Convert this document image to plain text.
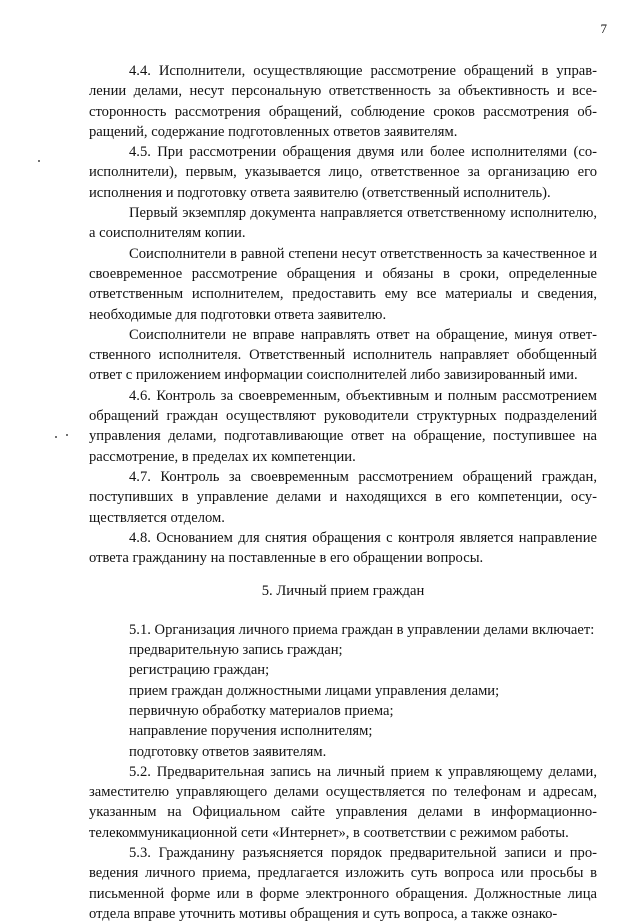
7

4.4. Исполнители, осуществляющие рассмотрение обращений в управлении делами, несут персональную ответственность за объективность и всесторонность рассмотрения обращений, соблюдение сроков рассмотрения обращений, содержание подготовленных ответов заявителям.

4.5. При рассмотрении обращения двумя или более исполнителями (соисполнители), первым, указывается лицо, ответственное за организацию его исполнения и подготовку ответа заявителю (ответственный исполнитель).

Первый экземпляр документа направляется ответственному исполнителю, а соисполнителям копии.

Соисполнители в равной степени несут ответственность за качественное и своевременное рассмотрение обращения и обязаны в сроки, определенные ответственным исполнителем, предоставить ему все материалы и сведения, необходимые для подготовки ответа заявителю.

Соисполнители не вправе направлять ответ на обращение, минуя ответственного исполнителя. Ответственный исполнитель направляет обобщенный ответ с приложением информации соисполнителей либо завизированный ими.

4.6. Контроль за своевременным, объективным и полным рассмотрением обращений граждан осуществляют руководители структурных подразделений управления делами, подготавливающие ответ на обращение, поступившее на рассмотрение, в пределах их компетенции.

4.7. Контроль за своевременным рассмотрением обращений граждан, поступивших в управление делами и находящихся в его компетенции, осуществляется отделом.

4.8. Основанием для снятия обращения с контроля является направление ответа гражданину на поставленные в его обращении вопросы.

5. Личный прием граждан

5.1. Организация личного приема граждан в управлении делами включает:

предварительную запись граждан;

регистрацию граждан;

прием граждан должностными лицами управления делами;

первичную обработку материалов приема;

направление поручения исполнителям;

подготовку ответов заявителям.

5.2. Предварительная запись на личный прием к управляющему делами, заместителю управляющего делами осуществляется по телефонам и адресам, указанным на Официальном сайте управления делами в информационно-телекоммуникационной сети «Интернет», в соответствии с режимом работы.

5.3. Гражданину разъясняется порядок предварительной записи и проведения личного приема, предлагается изложить суть вопроса или просьбы в письменной форме или в форме электронного обращения. Должностные лица отдела вправе уточнить мотивы обращения и суть вопроса, а также ознако-
